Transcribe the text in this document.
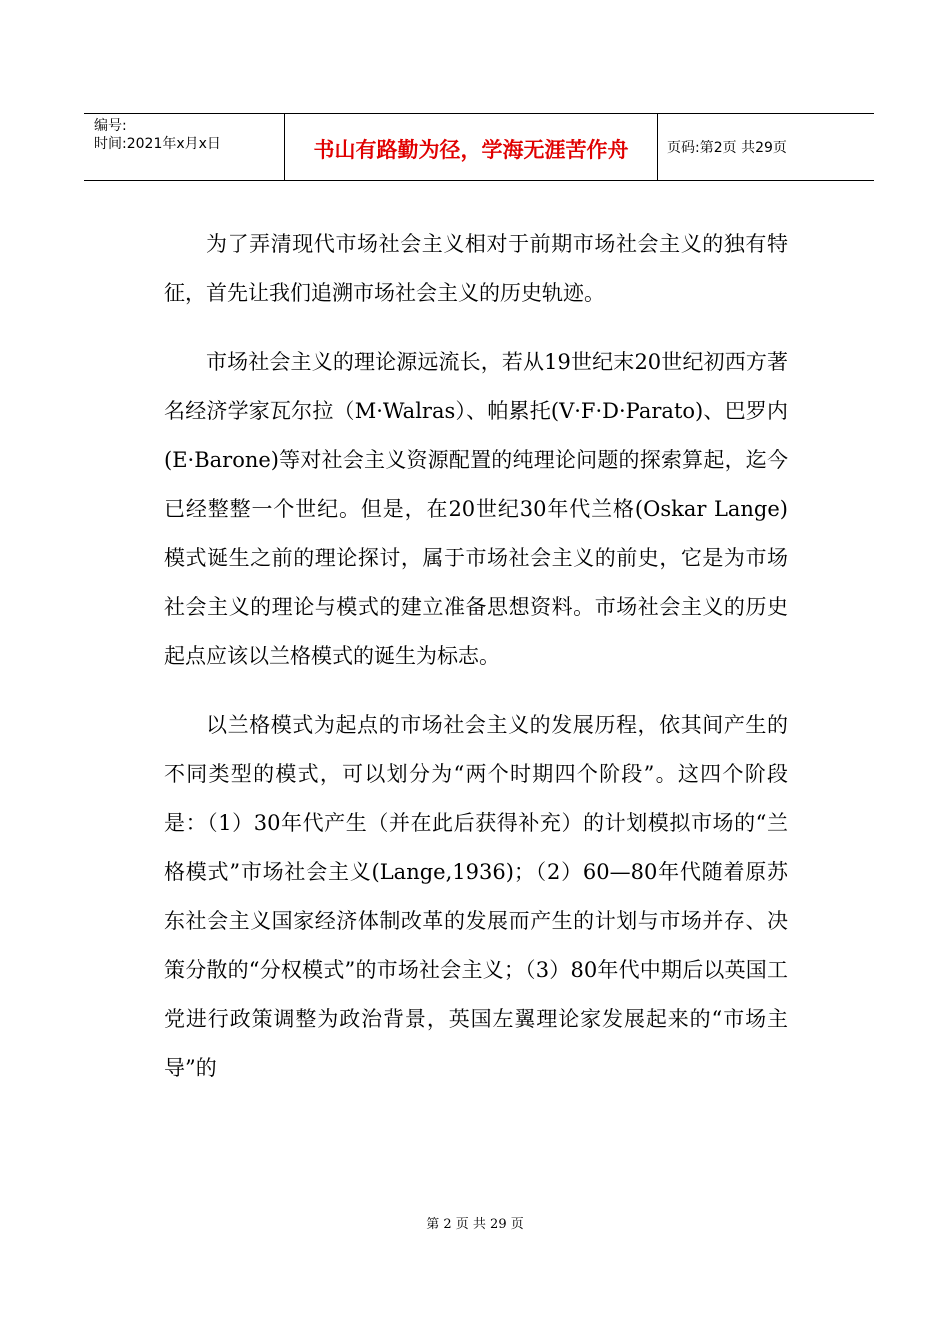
编号:
时间:2021年x月x日	书山有路勤为径，学海无涯苦作舟	页码:第2页 共29页

为了弄清现代市场社会主义相对于前期市场社会主义的独有特征，首先让我们追溯市场社会主义的历史轨迹。

市场社会主义的理论源远流长，若从19世纪末20世纪初西方著名经济学家瓦尔拉（M·Walras）、帕累托(V·F·D·Parato)、巴罗内(E·Barone)等对社会主义资源配置的纯理论问题的探索算起，迄今已经整整一个世纪。但是，在20世纪30年代兰格(Oskar Lange)模式诞生之前的理论探讨，属于市场社会主义的前史，它是为市场社会主义的理论与模式的建立准备思想资料。市场社会主义的历史起点应该以兰格模式的诞生为标志。

以兰格模式为起点的市场社会主义的发展历程，依其间产生的不同类型的模式，可以划分为“两个时期四个阶段”。这四个阶段是：（1）30年代产生（并在此后获得补充）的计划模拟市场的“兰格模式”市场社会主义(Lange,1936)；（2）60—80年代随着原苏东社会主义国家经济体制改革的发展而产生的计划与市场并存、决策分散的“分权模式”的市场社会主义；（3）80年代中期后以英国工党进行政策调整为政治背景，英国左翼理论家发展起来的“市场主导”的

第 2 页 共 29 页
